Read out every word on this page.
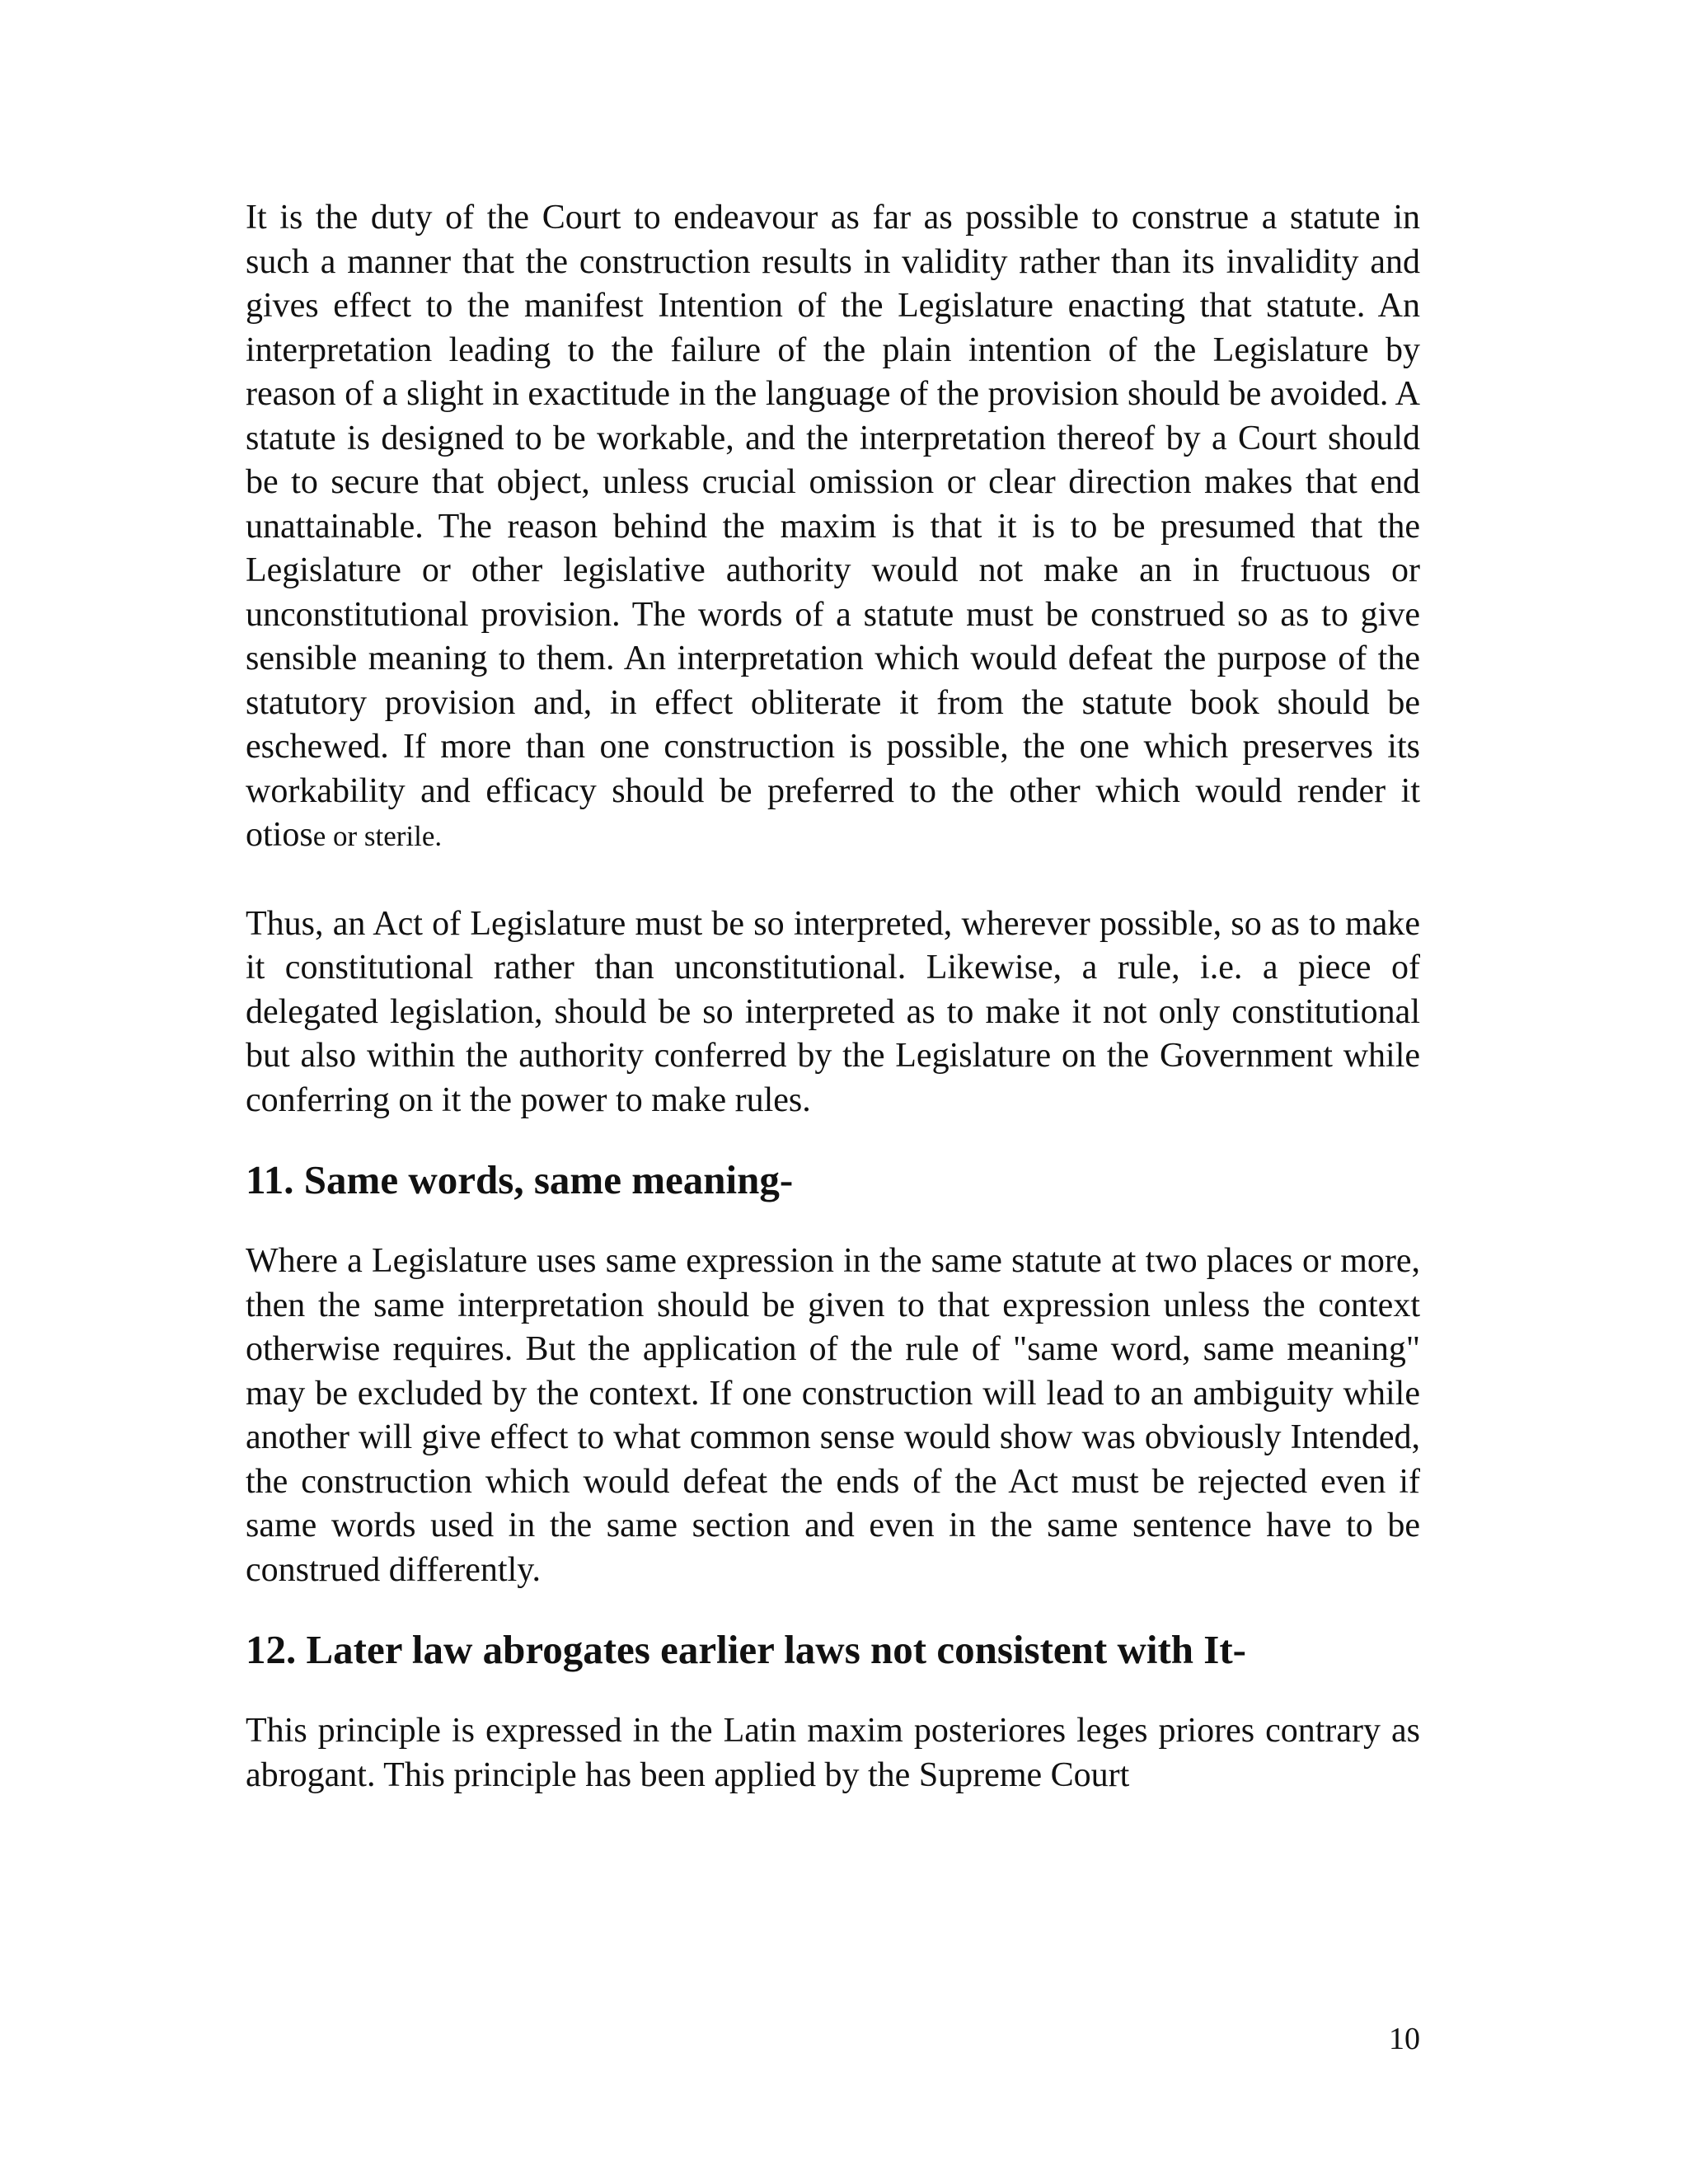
It is the duty of the Court to endeavour as far as possible to construe a statute in such a manner that the construction results in validity rather than its invalidity and gives effect to the manifest Intention of the Legislature enacting that statute. An interpretation leading to the failure of the plain intention of the Legislature by reason of a slight in exactitude in the language of the provision should be avoided. A statute is designed to be workable, and the interpretation thereof by a Court should be to secure that object, unless crucial omission or clear direction makes that end unattainable. The reason behind the maxim is that it is to be presumed that the Legislature or other legislative authority would not make an in fructuous or unconstitutional provision. The words of a statute must be construed so as to give sensible meaning to them. An interpretation which would defeat the purpose of the statutory provision and, in effect obliterate it from the statute book should be eschewed. If more than one construction is possible, the one which preserves its workability and efficacy should be preferred to the other which would render it otiose or sterile.

Thus, an Act of Legislature must be so interpreted, wherever possible, so as to make it constitutional rather than unconstitutional. Likewise, a rule, i.e. a piece of delegated legislation, should be so interpreted as to make it not only constitutional but also within the authority conferred by the Legislature on the Government while conferring on it the power to make rules.

11. Same words, same meaning-

Where a Legislature uses same expression in the same statute at two places or more, then the same interpretation should be given to that expression unless the context otherwise requires. But the application of the rule of "same word, same meaning" may be excluded by the context. If one construction will lead to an ambiguity while another will give effect to what common sense would show was obviously Intended, the construction which would defeat the ends of the Act must be rejected even if same words used in the same section and even in the same sentence have to be construed differently.

12. Later law abrogates earlier laws not consistent with It-

This principle is expressed in the Latin maxim posteriores leges priores contrary as abrogant. This principle has been applied by the Supreme Court

10
